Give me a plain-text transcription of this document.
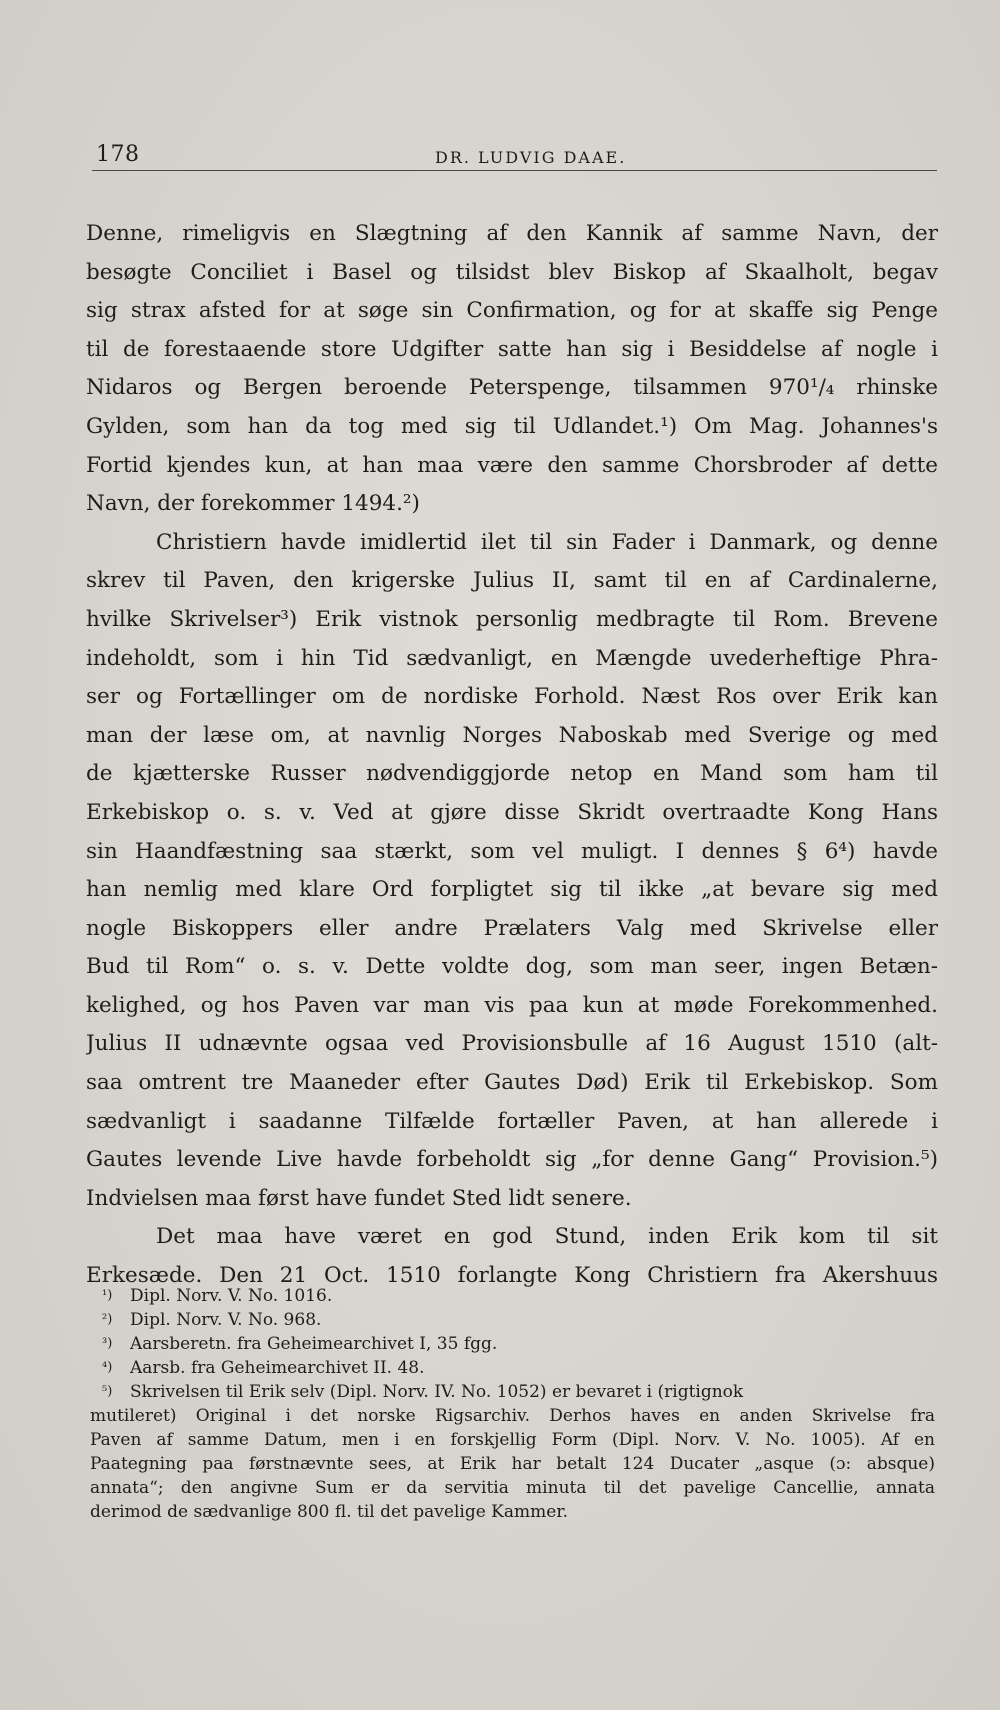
178	DR. LUDVIG DAAE.
Denne, rimeligvis en Slægtning af den Kannik af samme Navn, der
besøgte Conciliet i Basel og tilsidst blev Biskop af Skaalholt, begav
sig strax afsted for at søge sin Confirmation, og for at skaffe sig Penge
til de forestaaende store Udgifter satte han sig i Besiddelse af nogle i
Nidaros og Bergen beroende Peterspenge, tilsammen 970¹/₄ rhinske
Gylden, som han da tog med sig til Udlandet.¹) Om Mag. Johannes's
Fortid kjendes kun, at han maa være den samme Chorsbroder af dette
Navn, der forekommer 1494.²)
Christiern havde imidlertid ilet til sin Fader i Danmark, og denne
skrev til Paven, den krigerske Julius II, samt til en af Cardinalerne,
hvilke Skrivelser³) Erik vistnok personlig medbragte til Rom. Brevene
indeholdt, som i hin Tid sædvanligt, en Mængde uvederheftige Phra-
ser og Fortællinger om de nordiske Forhold. Næst Ros over Erik kan
man der læse om, at navnlig Norges Naboskab med Sverige og med
de kjætterske Russer nødvendiggjorde netop en Mand som ham til
Erkebiskop o. s. v. Ved at gjøre disse Skridt overtraadte Kong Hans
sin Haandfæstning saa stærkt, som vel muligt. I dennes § 6⁴) havde
han nemlig med klare Ord forpligtet sig til ikke „at bevare sig med
nogle Biskoppers eller andre Prælaters Valg med Skrivelse eller
Bud til Rom“ o. s. v. Dette voldte dog, som man seer, ingen Betæn-
kelighed, og hos Paven var man vis paa kun at møde Forekommenhed.
Julius II udnævnte ogsaa ved Provisionsbulle af 16 August 1510 (alt-
saa omtrent tre Maaneder efter Gautes Død) Erik til Erkebiskop. Som
sædvanligt i saadanne Tilfælde fortæller Paven, at han allerede i
Gautes levende Live havde forbeholdt sig „for denne Gang“ Provision.⁵)
Indvielsen maa først have fundet Sted lidt senere.
Det maa have været en god Stund, inden Erik kom til sit
Erkesæde. Den 21 Oct. 1510 forlangte Kong Christiern fra Akershuus
¹) Dipl. Norv. V. No. 1016.
²) Dipl. Norv. V. No. 968.
³) Aarsberetn. fra Geheimearchivet I, 35 fgg.
⁴) Aarsb. fra Geheimearchivet II. 48.
⁵) Skrivelsen til Erik selv (Dipl. Norv. IV. No. 1052) er bevaret i (rigtignok
mutileret) Original i det norske Rigsarchiv. Derhos haves en anden Skrivelse fra
Paven af samme Datum, men i en forskjellig Form (Dipl. Norv. V. No. 1005). Af en
Paategning paa førstnævnte sees, at Erik har betalt 124 Ducater „asque (ɔ: absque)
annata“; den angivne Sum er da servitia minuta til det pavelige Cancellie, annata
derimod de sædvanlige 800 fl. til det pavelige Kammer.
